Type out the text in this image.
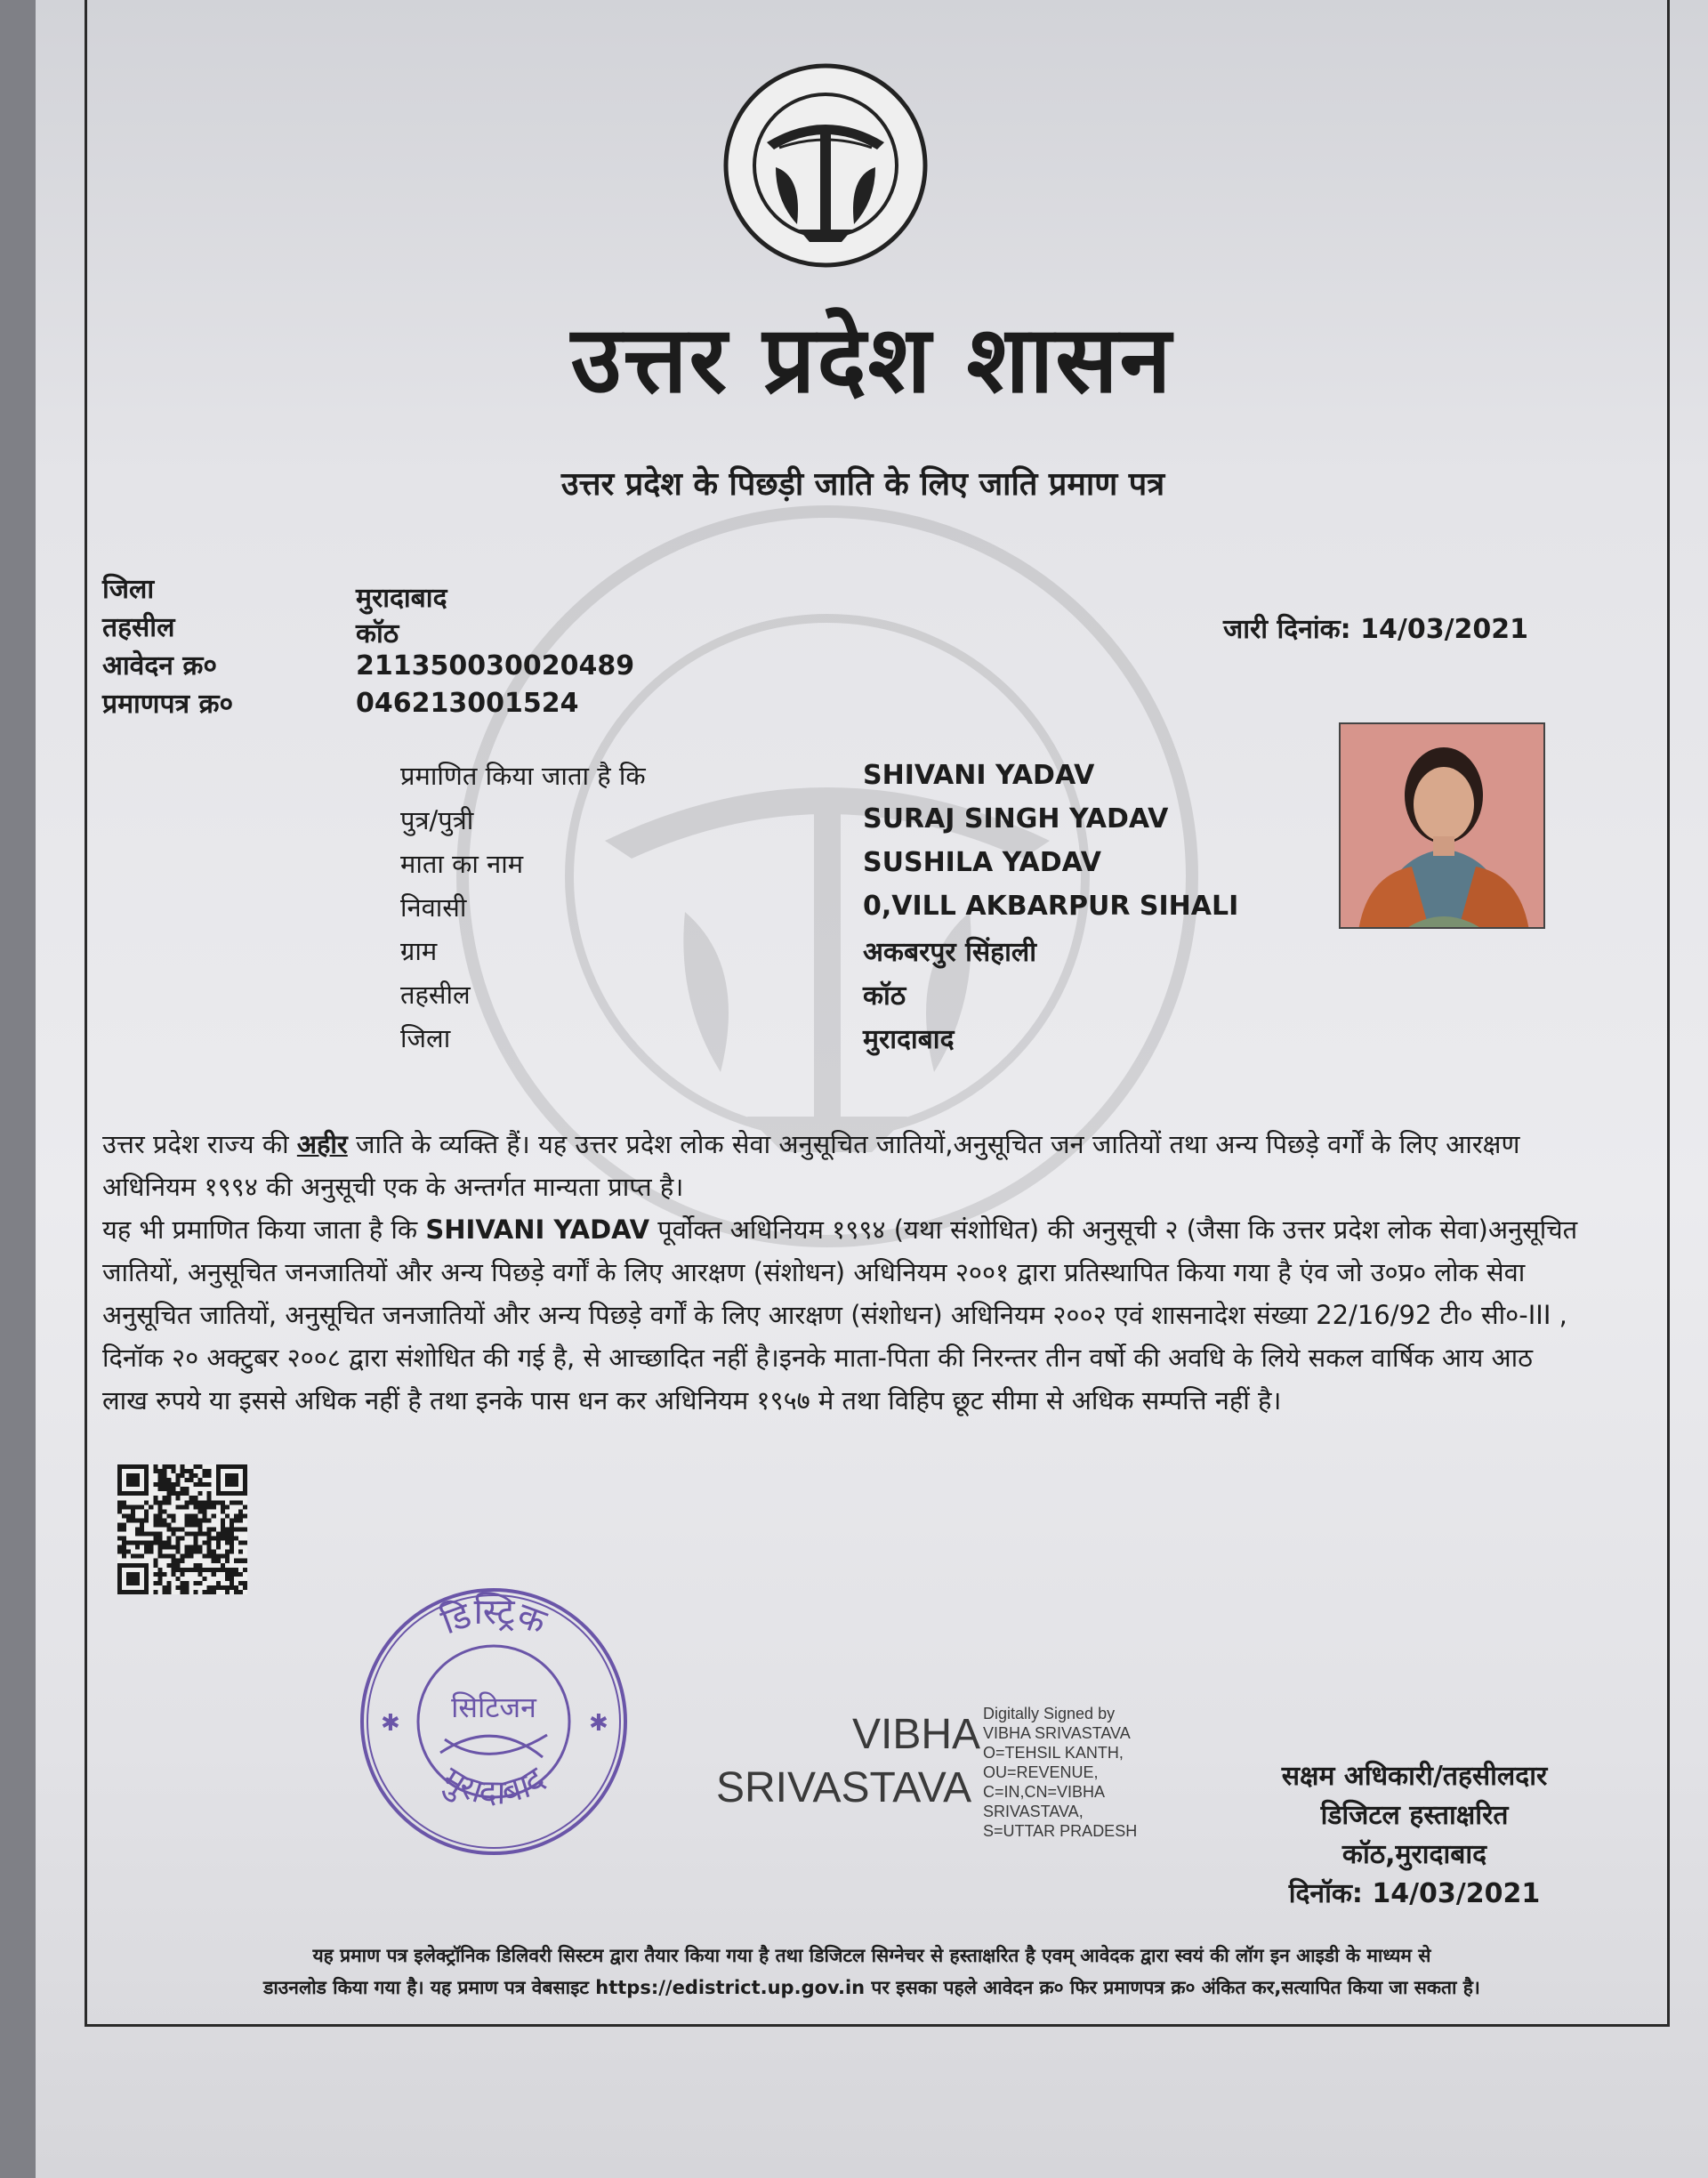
उत्तर प्रदेश शासन
उत्तर प्रदेश के पिछड़ी जाति के लिए जाति प्रमाण पत्र
जिला	मुरादाबाद
तहसील	कॉठ
आवेदन क्र०	211350030020489
प्रमाणपत्र क्र०	046213001524
जारी दिनांक: 14/03/2021
प्रमाणित किया जाता है कि	SHIVANI YADAV
पुत्र/पुत्री	SURAJ SINGH YADAV
माता का नाम	SUSHILA YADAV
निवासी	0,VILL AKBARPUR SIHALI
ग्राम	अकबरपुर सिंहाली
तहसील	कॉठ
जिला	मुरादाबाद

उत्तर प्रदेश राज्य की अहीर जाति के व्यक्ति हैं। यह उत्तर प्रदेश लोक सेवा अनुसूचित जातियों,अनुसूचित जन जातियों तथा अन्य पिछड़े वर्गों के लिए आरक्षण अधिनियम १९९४ की अनुसूची एक के अन्तर्गत मान्यता प्राप्त है।

यह भी प्रमाणित किया जाता है कि SHIVANI YADAV पूर्वोक्त अधिनियम १९९४ (यथा संशोधित) की अनुसूची २ (जैसा कि उत्तर प्रदेश लोक सेवा)अनुसूचित जातियों, अनुसूचित जनजातियों और अन्य पिछड़े वर्गों के लिए आरक्षण (संशोधन) अधिनियम २००१ द्वारा प्रतिस्थापित किया गया है एंव जो उ०प्र० लोक सेवा अनुसूचित जातियों, अनुसूचित जनजातियों और अन्य पिछड़े वर्गों के लिए आरक्षण (संशोधन) अधिनियम २००२ एवं शासनादेश संख्या 22/16/92 टी० सी०-III , दिनॉक २० अक्टुबर २००८ द्वारा संशोधित की गई है, से आच्छादित नहीं है।इनके माता-पिता की निरन्तर तीन वर्षो की अवधि के लिये सकल वार्षिक आय आठ लाख रुपये या इससे अधिक नहीं है तथा इनके पास धन कर अधिनियम १९५७ मे तथा विहिप छूट सीमा से अधिक सम्पत्ति नहीं है।

डिस्ट्रिक
मुरादाबाद
सिटिजन
✱	✱	VIBHA
SRIVASTAVA
Digitally Signed by
VIBHA SRIVASTAVA
O=TEHSIL KANTH,
OU=REVENUE,
C=IN,CN=VIBHA
SRIVASTAVA,
S=UTTAR PRADESH
सक्षम अधिकारी/तहसीलदार
डिजिटल हस्ताक्षरित
कॉठ,मुरादाबाद
दिनॉक: 14/03/2021

यह प्रमाण पत्र इलेक्ट्रॉनिक डिलिवरी सिस्टम द्वारा तैयार किया गया है तथा डिजिटल सिग्नेचर से हस्ताक्षरित है एवम् आवेदक द्वारा स्वयं की लॉग इन आइडी के माध्यम से

डाउनलोड किया गया है। यह प्रमाण पत्र वेबसाइट https://edistrict.up.gov.in पर इसका पहले आवेदन क्र० फिर प्रमाणपत्र क्र० अंकित कर,सत्यापित किया जा सकता है।
